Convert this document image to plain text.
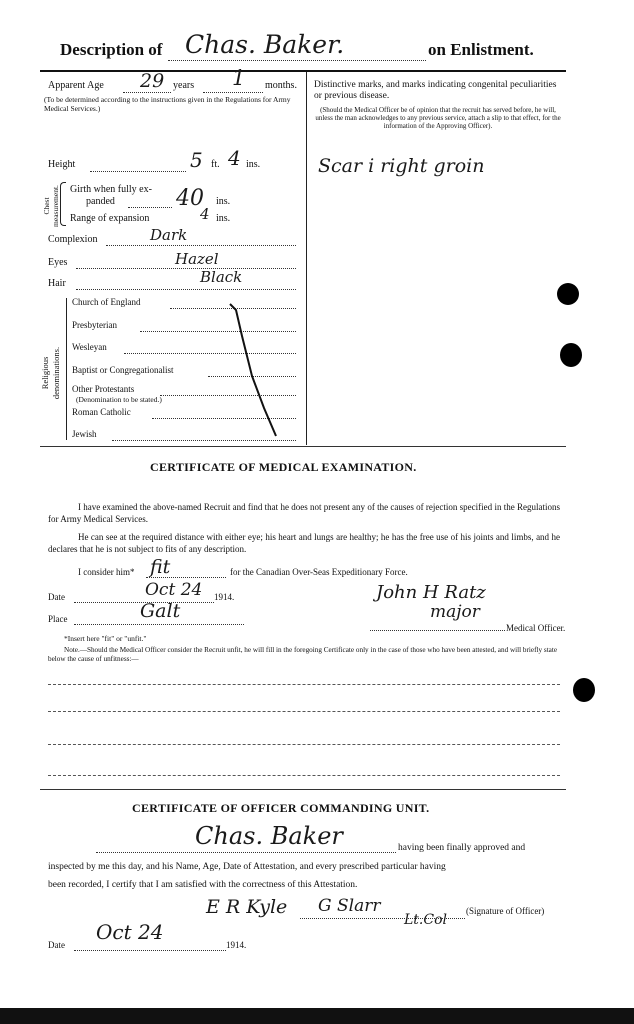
Description of Chas. Baker.	on Enlistment.
Apparent Age 29 years 1 months.
(To be determined according to the instructions given in the Regulations for Army Medical Services.)
Height	5 ft. 4 ins.
Chest measurement. Girth when fully ex-
panded	40 ins.
Range of expansion	4 ins.
Complexion	Dark
Eyes	Hazel
Hair	Black
Religious denominations.
Church of England
Presbyterian
Wesleyan
Baptist or Congregationalist
Other Protestants
(Denomination to be stated.)
Roman Catholic
Jewish
Distinctive marks, and marks indicating congenital peculiarities or previous disease.
(Should the Medical Officer be of opinion that the recruit has served before, he will, unless the man acknowledges to any previous service, attach a slip to that effect, for the information of the Approving Officer).
Scar i right groin
CERTIFICATE OF MEDICAL EXAMINATION.
I have examined the above-named Recruit and find that he does not present any of the causes of rejection specified in the Regulations for Army Medical Services.
He can see at the required distance with either eye; his heart and lungs are healthy; he has the free use of his joints and limbs, and he declares that he is not subject to fits of any description.
I consider him* fit	for the Canadian Over-Seas Expeditionary Force.
Date	Oct 24 1914.	John H Ratz
major
Place	Galt
Medical Officer.
*Insert here "fit" or "unfit."
Note.—Should the Medical Officer consider the Recruit unfit, he will fill in the foregoing Certificate only in the case of those who have been attested, and will briefly state below the cause of unfitness:—
CERTIFICATE OF OFFICER COMMANDING UNIT.
Chas. Baker	having been finally approved and
inspected by me this day, and his Name, Age, Date of Attestation, and every prescribed particular having
been recorded, I certify that I am satisfied with the correctness of this Attestation.
E R Kyle G Slarr
Lt.Col
(Signature of Officer)
Date
Oct 24
1914.
